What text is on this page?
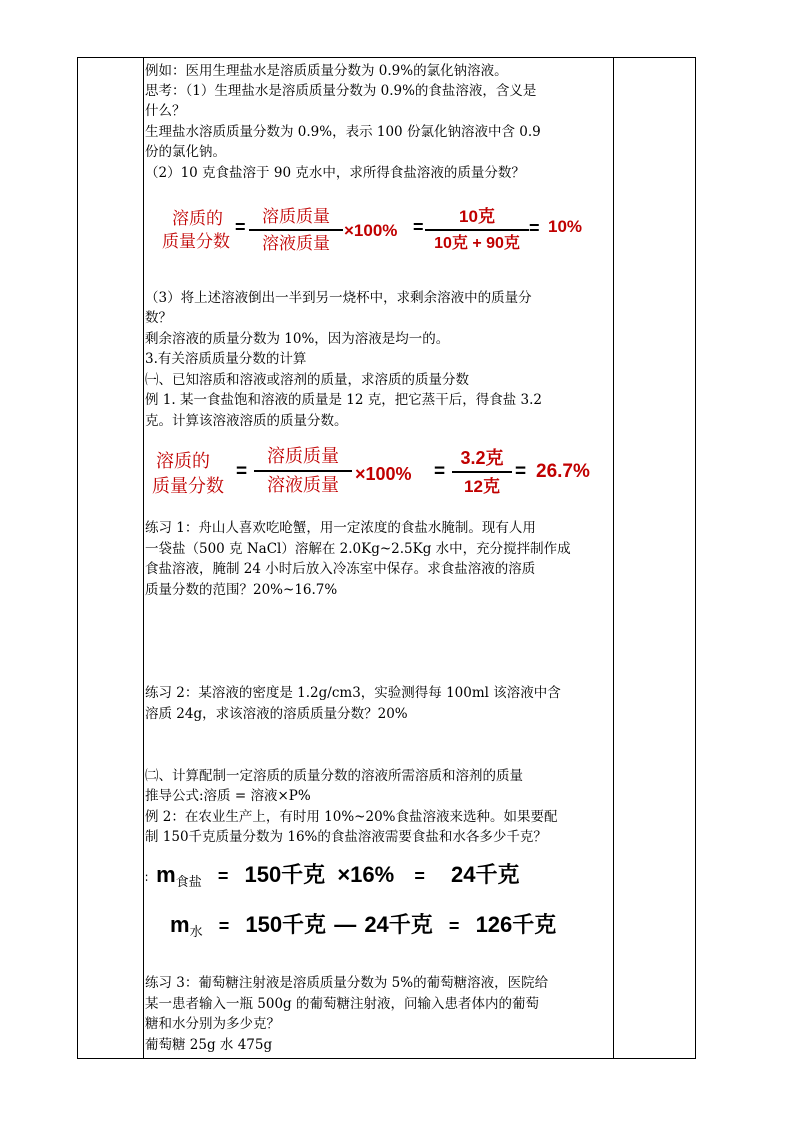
例如：医用生理盐水是溶质质量分数为 0.9%的氯化钠溶液。
思考：（1）生理盐水是溶质质量分数为 0.9%的食盐溶液，含义是
什么？
生理盐水溶质质量分数为 0.9%，表示 100 份氯化钠溶液中含 0.9
份的氯化钠。
（2）10 克食盐溶于 90 克水中，求所得食盐溶液的质量分数？
溶质的
质量分数
= 溶质质量
溶液质量
×100% =
10克
10克 + 90克
= 10%
（3）将上述溶液倒出一半到另一烧杯中，求剩余溶液中的质量分
数？
剩余溶液的质量分数为 10%，因为溶液是均一的。
3.有关溶质质量分数的计算
㈠、已知溶质和溶液或溶剂的质量，求溶质的质量分数
例 1. 某一食盐饱和溶液的质量是 12 克，把它蒸干后，得食盐 3.2
克。计算该溶液溶质的质量分数。
溶质的
质量分数
=
溶质质量
溶液质量
×100% =
3.2克
12克
= 26.7%
练习 1：舟山人喜欢吃呛蟹，用一定浓度的食盐水腌制。现有人用
一袋盐（500 克 NaCl）溶解在 2.0Kg~2.5Kg 水中，充分搅拌制作成
食盐溶液，腌制 24 小时后放入冷冻室中保存。求食盐溶液的溶质
质量分数的范围？20%~16.7%
练习 2：某溶液的密度是 1.2g/cm3，实验测得每 100ml 该溶液中含
溶质 24g，求该溶液的溶质质量分数？20%
㈡、计算配制一定溶质的质量分数的溶液所需溶质和溶剂的质量
推导公式:溶质 = 溶液×P%
例 2：在农业生产上，有时用 10%~20%食盐溶液来选种。如果要配
制 150千克质量分数为 16%的食盐溶液需要食盐和水各多少千克？
∶ m食盐 = 150千克 ×16% = 24千克
m水 = 150千克 — 24千克 = 126千克
练习 3：葡萄糖注射液是溶质质量分数为 5%的葡萄糖溶液，医院给
某一患者输入一瓶 500g 的葡萄糖注射液，问输入患者体内的葡萄
糖和水分别为多少克？
葡萄糖 25g 水 475g
